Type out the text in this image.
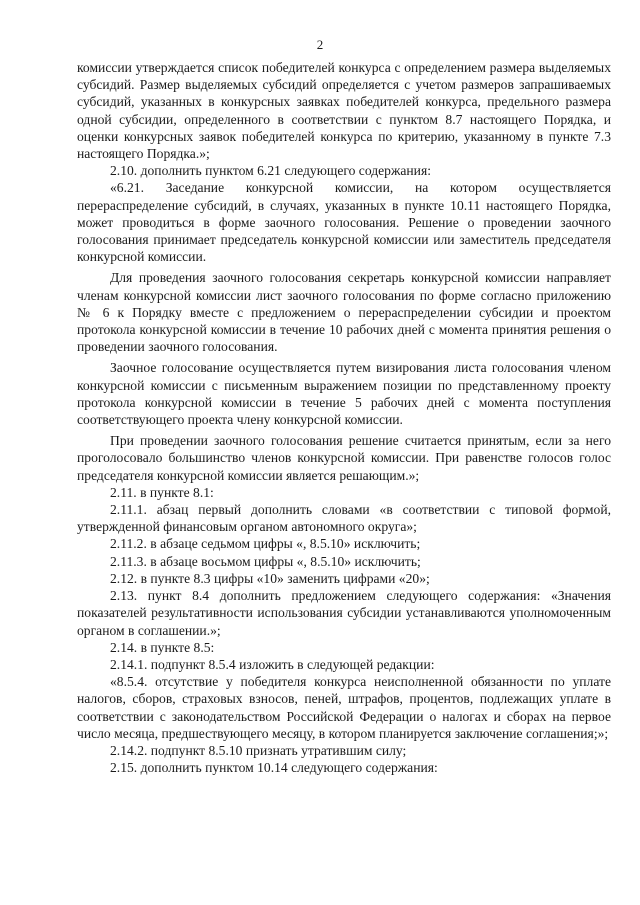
2

комиссии утверждается список победителей конкурса с определением размера выделяемых субсидий. Размер выделяемых субсидий определяется с учетом размеров запрашиваемых субсидий, указанных в конкурсных заявках победителей конкурса, предельного размера одной субсидии, определенного в соответствии с пунктом 8.7 настоящего Порядка, и оценки конкурсных заявок победителей конкурса по критерию, указанному в пункте 7.3 настоящего Порядка.»;

2.10. дополнить пунктом 6.21 следующего содержания:

«6.21. Заседание конкурсной комиссии, на котором осуществляется перераспределение субсидий, в случаях, указанных в пункте 10.11 настоящего Порядка, может проводиться в форме заочного голосования. Решение о проведении заочного голосования принимает председатель конкурсной комиссии или заместитель председателя конкурсной комиссии.

Для проведения заочного голосования секретарь конкурсной комиссии направляет членам конкурсной комиссии лист заочного голосования по форме согласно приложению № 6 к Порядку вместе с предложением о перераспределении субсидии и проектом протокола конкурсной комиссии в течение 10 рабочих дней с момента принятия решения о проведении заочного голосования.

Заочное голосование осуществляется путем визирования листа голосования членом конкурсной комиссии с письменным выражением позиции по представленному проекту протокола конкурсной комиссии в течение 5 рабочих дней с момента поступления соответствующего проекта члену конкурсной комиссии.

При проведении заочного голосования решение считается принятым, если за него проголосовало большинство членов конкурсной комиссии. При равенстве голосов голос председателя конкурсной комиссии является решающим.»;

2.11. в пункте 8.1:

2.11.1. абзац первый дополнить словами «в соответствии с типовой формой, утвержденной финансовым органом автономного округа»;

2.11.2. в абзаце седьмом цифры «, 8.5.10» исключить;

2.11.3. в абзаце восьмом цифры «, 8.5.10» исключить;

2.12. в пункте 8.3 цифры «10» заменить цифрами «20»;

2.13. пункт 8.4 дополнить предложением следующего содержания: «Значения показателей результативности использования субсидии устанавливаются уполномоченным органом в соглашении.»;

2.14. в пункте 8.5:

2.14.1. подпункт 8.5.4 изложить в следующей редакции:

«8.5.4. отсутствие у победителя конкурса неисполненной обязанности по уплате налогов, сборов, страховых взносов, пеней, штрафов, процентов, подлежащих уплате в соответствии с законодательством Российской Федерации о налогах и сборах на первое число месяца, предшествующего месяцу, в котором планируется заключение соглашения;»;

2.14.2. подпункт 8.5.10 признать утратившим силу;

2.15. дополнить пунктом 10.14 следующего содержания:
